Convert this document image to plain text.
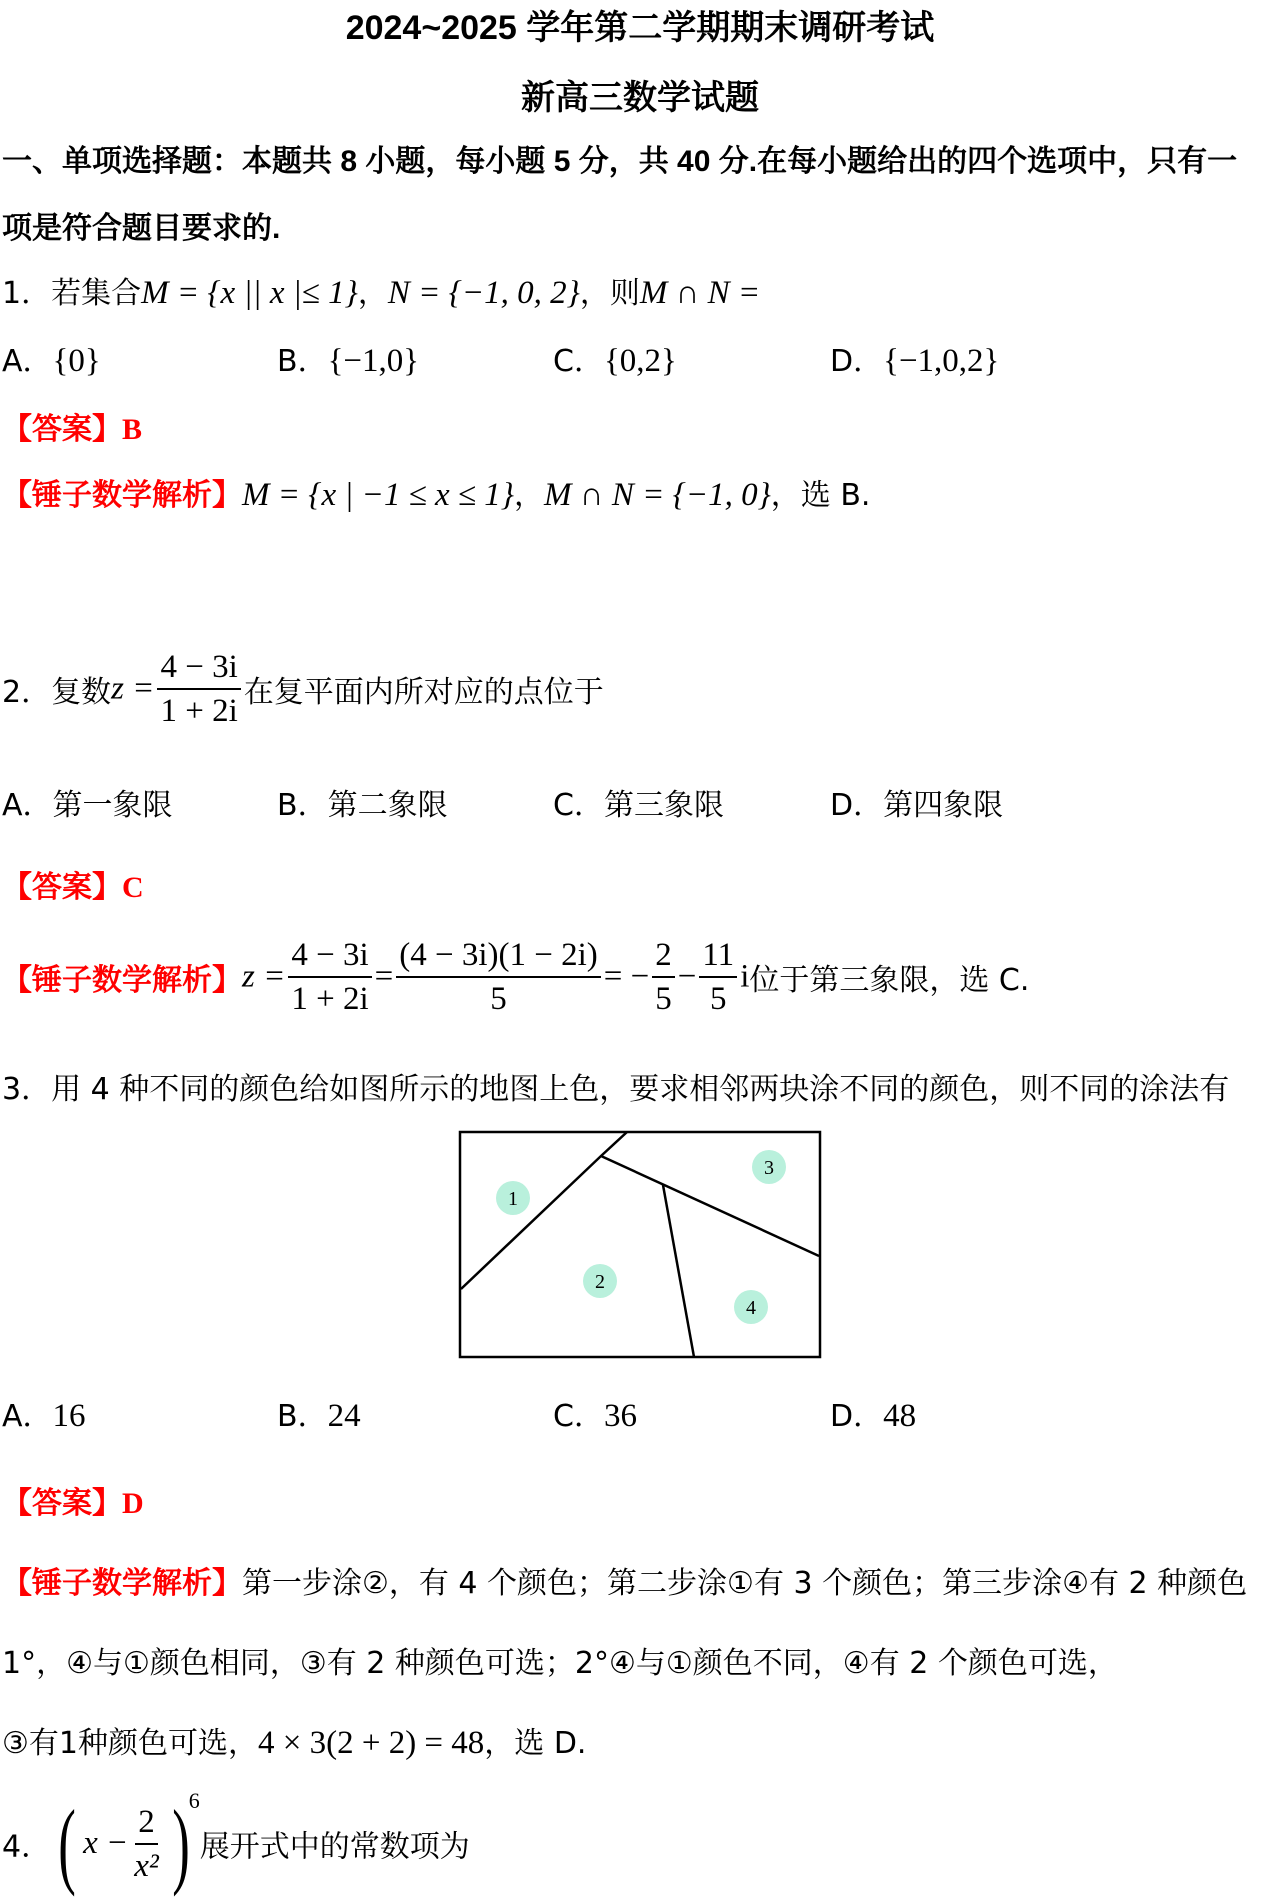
2024~2025 学年第二学期期末调研考试
新高三数学试题
一、单项选择题：本题共 8 小题，每小题 5 分，共 40 分.在每小题给出的四个选项中，只有一
项是符合题目要求的.
1．若集合M = {x || x |≤ 1}，N = {−1, 0, 2}，则M ∩ N =
A．{0}	B．{−1,0}	C．{0,2}	D．{−1,0,2}
【答案】B
【锤子数学解析】M = {x | −1 ≤ x ≤ 1}，M ∩ N = {−1, 0}，选 B.
2．复数$z = \frac{4 - 3i}{1 + 2i}$ 在复平面内所对应的点位于
A．第一象限	B．第二象限	C．第三象限	D．第四象限
【答案】C
【锤子数学解析】$z = \frac{4 - 3i}{1 + 2i} = \frac{(4 - 3i)(1 - 2i)}{5}$ = − $\frac{2}{5} - \frac{11}{5}$ i位于第三象限，选 C.
3．用 4 种不同的颜色给如图所示的地图上色，要求相邻两块涂不同的颜色，则不同的涂法有
1
2
3
4
A．16	B．24	C．36	D．48
【答案】D
【锤子数学解析】第一步涂②，有 4 个颜色；第二步涂①有 3 个颜色；第三步涂④有 2 种颜色
1°，④与①颜色相同，③有 2 种颜色可选；2°④与①颜色不同，④有 2 个颜色可选，
③有1种颜色可选，4 × 3(2 + 2) = 48，选 D.
4．( $x - \frac{2}{\text{x²}} )^6$展开式中的常数项为
